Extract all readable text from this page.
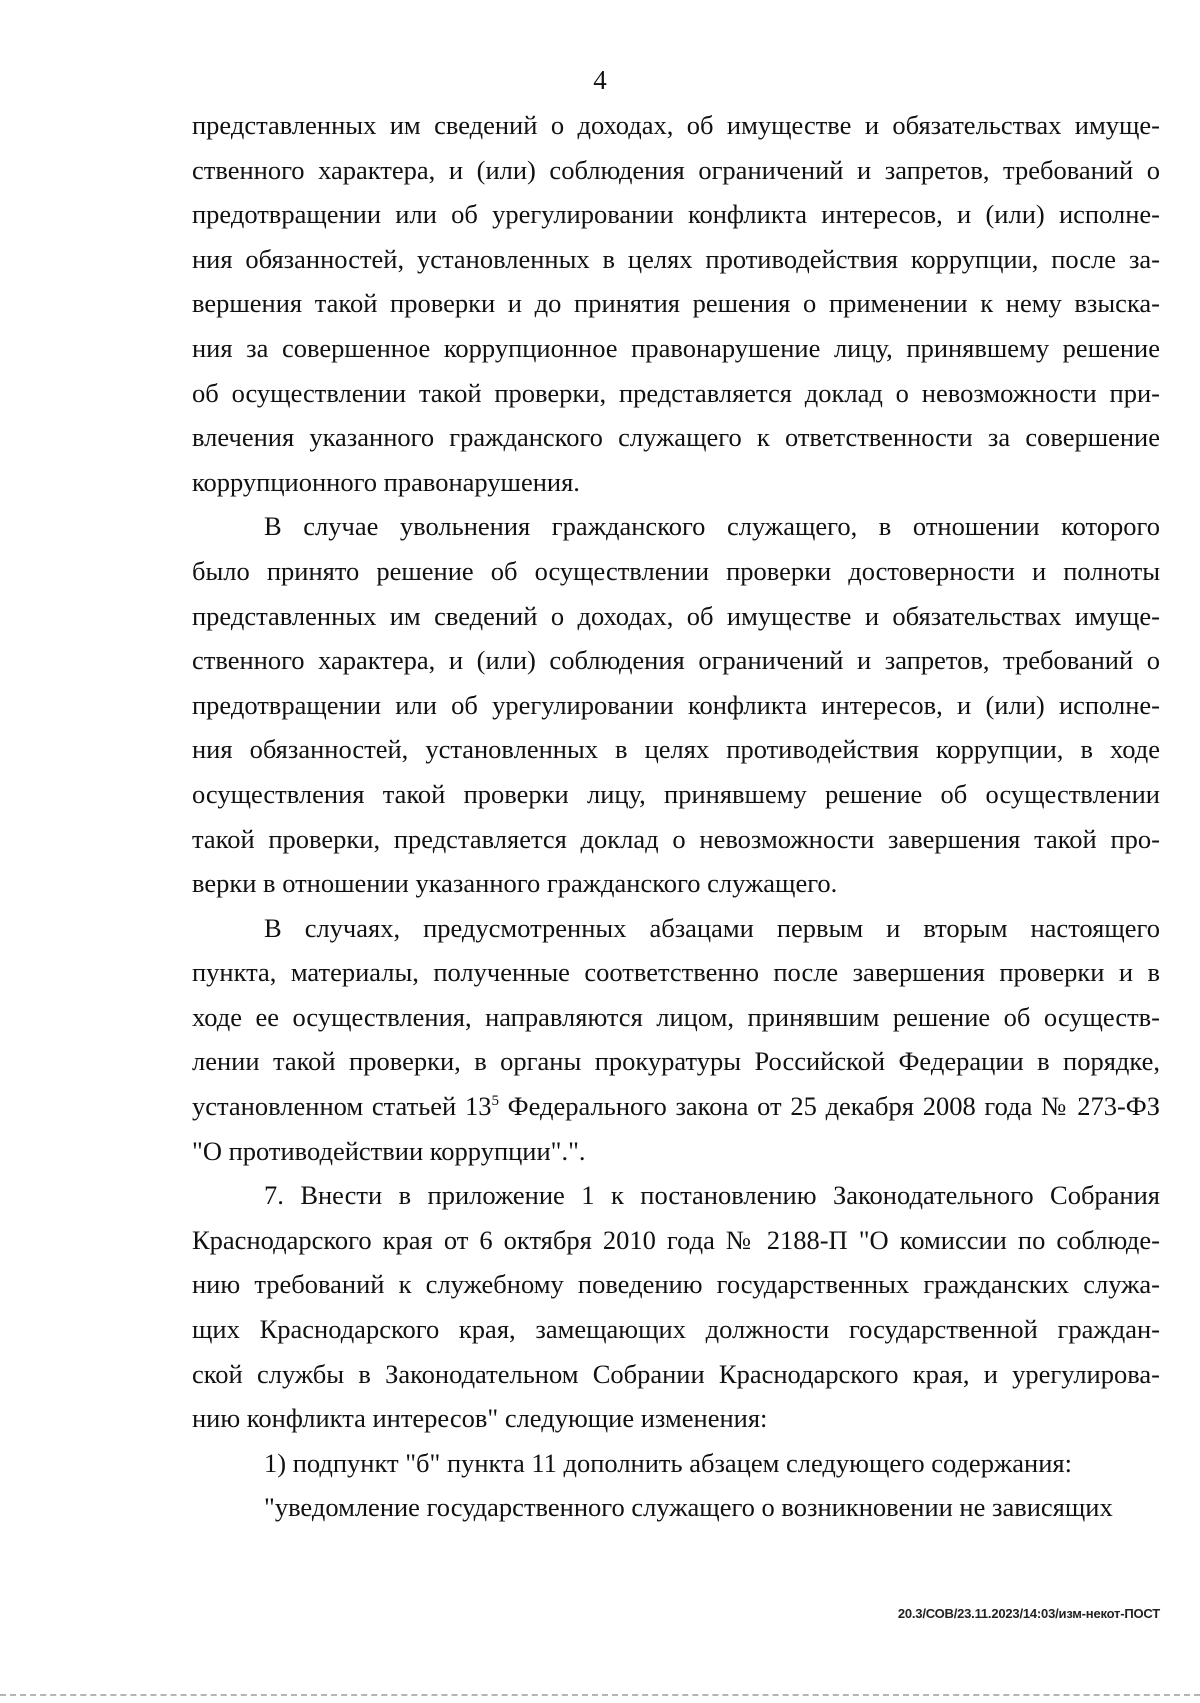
4

представленных им сведений о доходах, об имуществе и обязательствах имуще-
ственного характера, и (или) соблюдения ограничений и запретов, требований о
предотвращении или об урегулировании конфликта интересов, и (или) исполне-
ния обязанностей, установленных в целях противодействия коррупции, после за-
вершения такой проверки и до принятия решения о применении к нему взыска-
ния за совершенное коррупционное правонарушение лицу, принявшему решение
об осуществлении такой проверки, представляется доклад о невозможности при-
влечения указанного гражданского служащего к ответственности за совершение

коррупционного правонарушения.

В случае увольнения гражданского служащего, в отношении которого
было принято решение об осуществлении проверки достоверности и полноты
представленных им сведений о доходах, об имуществе и обязательствах имуще-
ственного характера, и (или) соблюдения ограничений и запретов, требований о
предотвращении или об урегулировании конфликта интересов, и (или) исполне-
ния обязанностей, установленных в целях противодействия коррупции, в ходе
осуществления такой проверки лицу, принявшему решение об осуществлении
такой проверки, представляется доклад о невозможности завершения такой про-

верки в отношении указанного гражданского служащего.

В случаях, предусмотренных абзацами первым и вторым настоящего
пункта, материалы, полученные соответственно после завершения проверки и в
ходе ее осуществления, направляются лицом, принявшим решение об осуществ-
лении такой проверки, в органы прокуратуры Российской Федерации в порядке,
установленном статьей $13^5$ Федерального закона от 25 декабря 2008 года № 273-ФЗ

"О противодействии коррупции".".

7. Внести в приложение 1 к постановлению Законодательного Собрания
Краснодарского края от 6 октября 2010 года № 2188-П "О комиссии по соблюде-
нию требований к служебному поведению государственных гражданских служа-
щих Краснодарского края, замещающих должности государственной граждан-
ской службы в Законодательном Собрании Краснодарского края, и урегулирова-

нию конфликта интересов" следующие изменения:

1) подпункт "б" пункта 11 дополнить абзацем следующего содержания:

"уведомление государственного служащего о возникновении не зависящих

20.3/СОВ/23.11.2023/14:03/изм-некот-ПОСТ
